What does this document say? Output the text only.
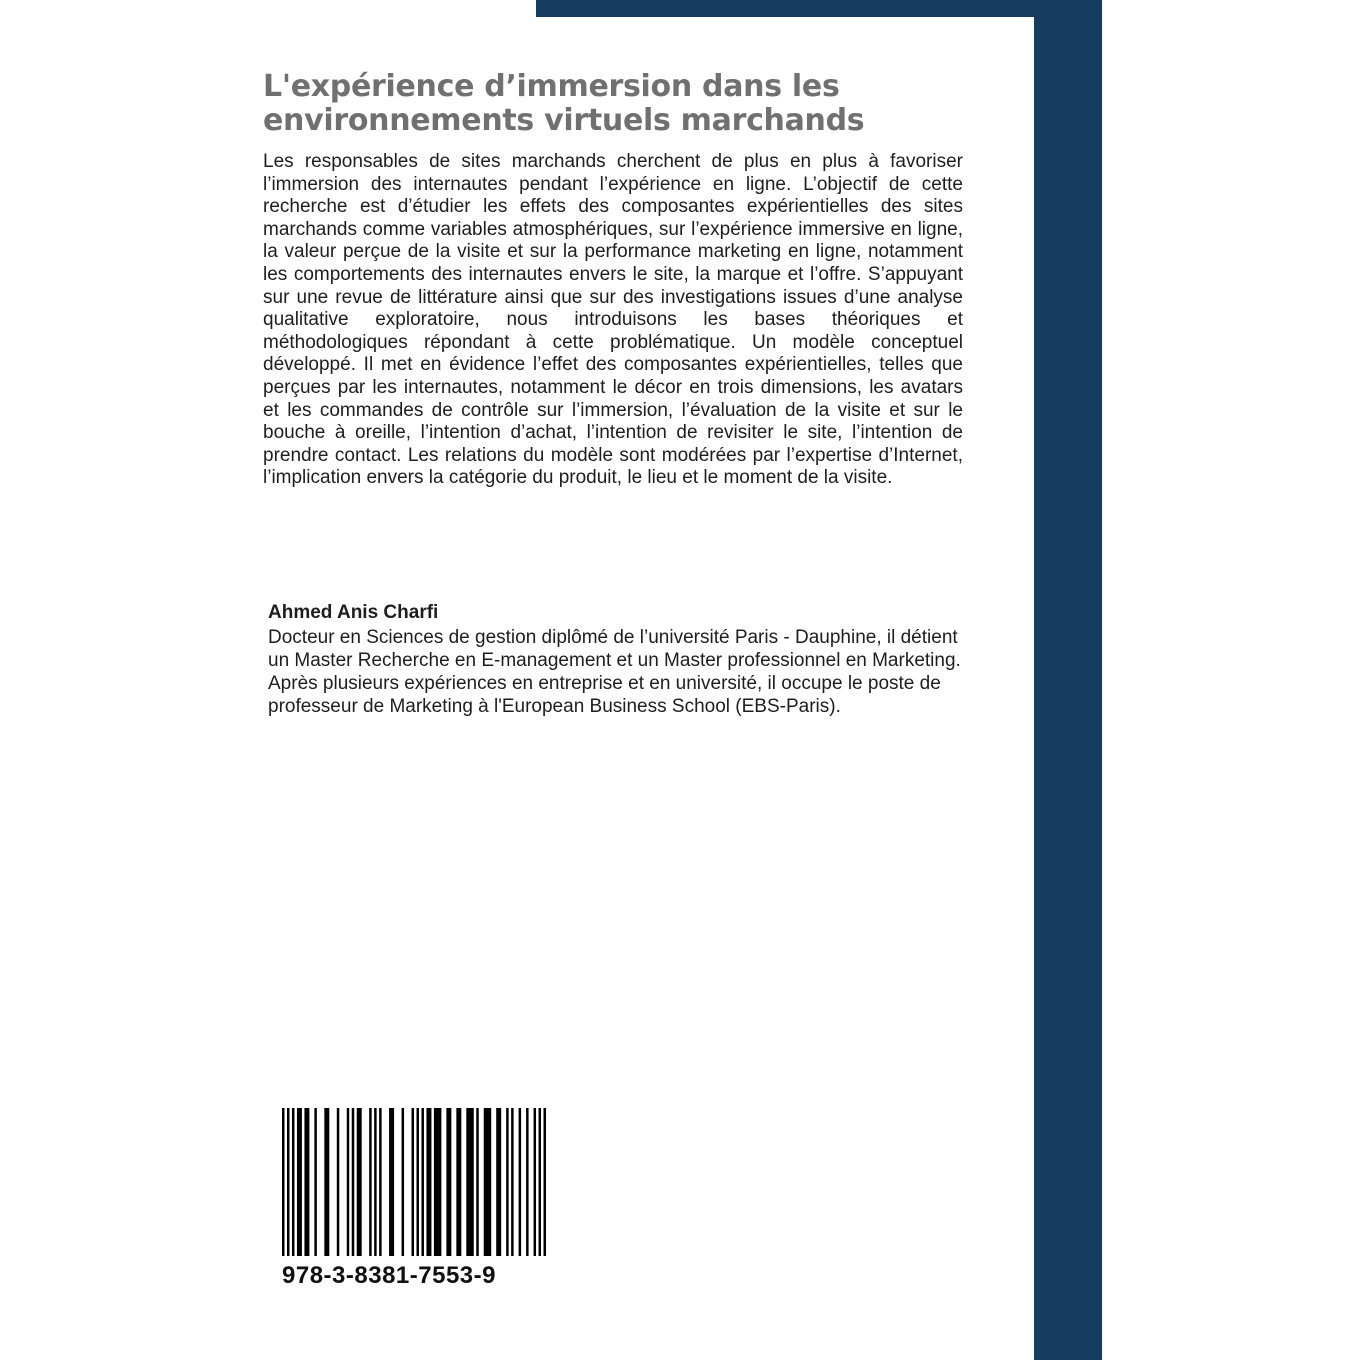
L'expérience d’immersion dans les environnements virtuels marchands

Les responsables de sites marchands cherchent de plus en plus à favoriser l’immersion des internautes pendant l’expérience en ligne. L’objectif de cette recherche est d’étudier les effets des composantes expérientielles des sites marchands comme variables atmosphériques, sur l’expérience immersive en ligne, la valeur perçue de la visite et sur la performance marketing en ligne, notamment les comportements des internautes envers le site, la marque et l’offre. S’appuyant sur une revue de littérature ainsi que sur des investigations issues d’une analyse qualitative exploratoire, nous introduisons les bases théoriques et méthodologiques répondant à cette problématique. Un modèle conceptuel développé. Il met en évidence l’effet des composantes expérientielles, telles que perçues par les internautes, notamment le décor en trois dimensions, les avatars et les commandes de contrôle sur l’immersion, l’évaluation de la visite et sur le bouche à oreille, l’intention d’achat, l’intention de revisiter le site, l’intention de prendre contact. Les relations du modèle sont modérées par l’expertise d’Internet, l’implication envers la catégorie du produit, le lieu et le moment de la visite.

Ahmed Anis Charfi

Docteur en Sciences de gestion diplômé de l’université Paris - Dauphine, il détient un Master Recherche en E-management et un Master professionnel en Marketing. Après plusieurs expériences en entreprise et en université, il occupe le poste de professeur de Marketing à l'European Business School (EBS-Paris).

978-3-8381-7553-9
